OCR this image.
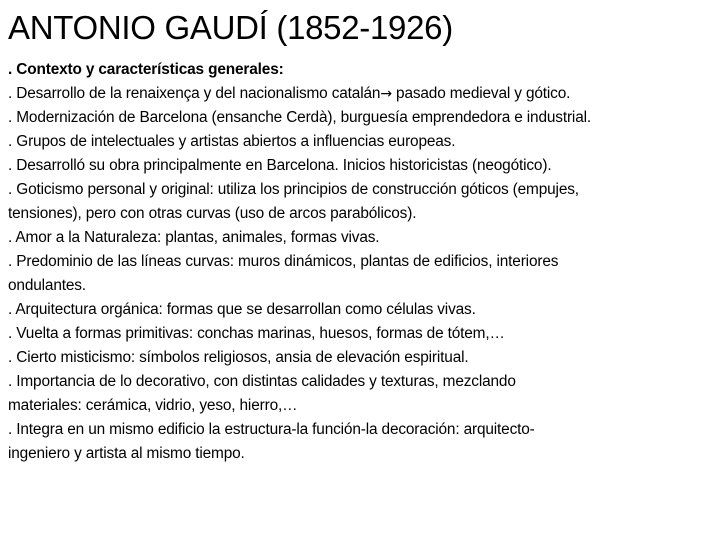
ANTONIO GAUDÍ (1852-1926)
. Contexto y características generales:
. Desarrollo de la renaixença y del nacionalismo catalán→ pasado medieval y gótico.
. Modernización de Barcelona (ensanche Cerdà), burguesía emprendedora e industrial.
. Grupos de intelectuales y artistas abiertos a influencias europeas.
. Desarrolló su obra principalmente en Barcelona. Inicios historicistas (neogótico).
. Goticismo personal y original: utiliza los principios de construcción góticos (empujes,
tensiones), pero con otras curvas (uso de arcos parabólicos).
. Amor a la Naturaleza: plantas, animales, formas vivas.
. Predominio de las líneas curvas: muros dinámicos, plantas de edificios, interiores
ondulantes.
. Arquitectura orgánica: formas que se desarrollan como células vivas.
. Vuelta a formas primitivas: conchas marinas, huesos, formas de tótem,…
. Cierto misticismo: símbolos religiosos, ansia de elevación espiritual.
. Importancia de lo decorativo, con distintas calidades y texturas, mezclando
materiales: cerámica, vidrio, yeso, hierro,…
. Integra en un mismo edificio la estructura-la función-la decoración: arquitecto-
ingeniero y artista al mismo tiempo.
